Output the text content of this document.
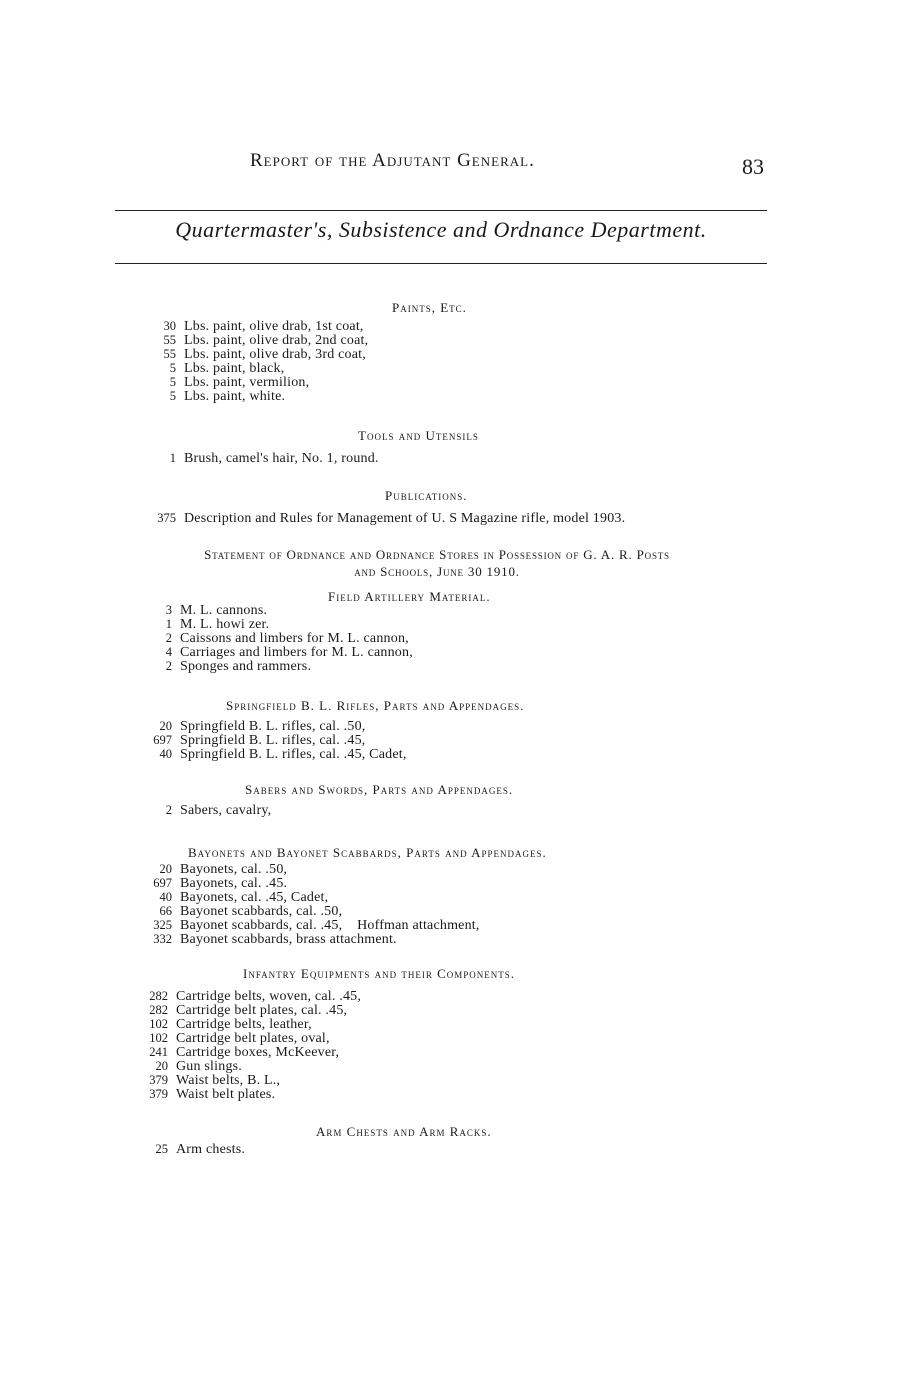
Report of the Adjutant General.	83
Quartermaster's, Subsistence and Ordnance Department.
Paints, Etc.
30 Lbs. paint, olive drab, 1st coat,
55 Lbs. paint, olive drab, 2nd coat,
55 Lbs. paint, olive drab, 3rd coat,
5 Lbs. paint, black,
5 Lbs. paint, vermilion,
5 Lbs. paint, white.
Tools and Utensils
1 Brush, camel's hair, No. 1, round.
Publications.
375 Description and Rules for Management of U. S Magazine rifle, model 1903.
Statement of Ordnance and Ordnance Stores in Possession of G. A. R. Posts
and Schools, June 30 1910.
Field Artillery Material.
3 M. L. cannons.
1 M. L. howi zer.
2 Caissons and limbers for M. L. cannon,
4 Carriages and limbers for M. L. cannon,
2 Sponges and rammers.
Springfield B. L. Rifles, Parts and Appendages.
20 Springfield B. L. rifles, cal. .50,
697 Springfield B. L. rifles, cal. .45,
40 Springfield B. L. rifles, cal. .45, Cadet,
Sabers and Swords, Parts and Appendages.
2 Sabers, cavalry,
Bayonets and Bayonet Scabbards, Parts and Appendages.
20 Bayonets, cal. .50,
697 Bayonets, cal. .45.
40 Bayonets, cal. .45, Cadet,
66 Bayonet scabbards, cal. .50,
325 Bayonet scabbards, cal. .45,    Hoffman attachment,
332 Bayonet scabbards, brass attachment.
Infantry Equipments and their Components.
282 Cartridge belts, woven, cal. .45,
282 Cartridge belt plates, cal. .45,
102 Cartridge belts, leather,
102 Cartridge belt plates, oval,
241 Cartridge boxes, McKeever,
20 Gun slings.
379 Waist belts, B. L.,
379 Waist belt plates.
Arm Chests and Arm Racks.
25 Arm chests.
